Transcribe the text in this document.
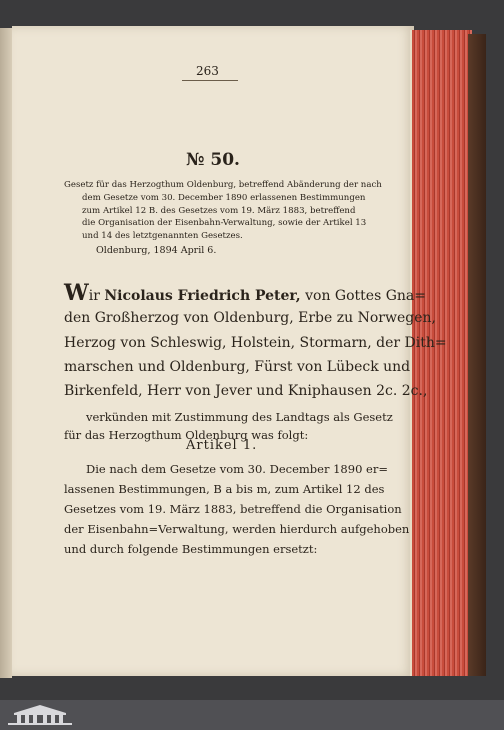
263
№ 50.
Gesetz für das Herzogthum Oldenburg, betreffend Abänderung der nach
dem Gesetze vom 30. December 1890 erlassenen Bestimmungen
zum Artikel 12 B. des Gesetzes vom 19. März 1883, betreffend
die Organisation der Eisenbahn-Verwaltung, sowie der Artikel 13
und 14 des letztgenannten Gesetzes.
Oldenburg, 1894 April 6.
Wir Nicolaus Friedrich Peter, von Gottes Gna=
den Großherzog von Oldenburg, Erbe zu Norwegen,
Herzog von Schleswig, Holstein, Stormarn, der Dith=
marschen und Oldenburg, Fürst von Lübeck und
Birkenfeld, Herr von Jever und Kniphausen 2c. 2c.,
verkünden mit Zustimmung des Landtags als Gesetz
Artikel 1.
Die nach dem Gesetze vom 30. December 1890 er=
lassenen Bestimmungen, B a bis m, zum Artikel 12 des
Gesetzes vom 19. März 1883, betreffend die Organisation
der Eisenbahn=Verwaltung, werden hierdurch aufgehoben
und durch folgende Bestimmungen ersetzt:
für das Herzogthum Oldenburg was folgt:
